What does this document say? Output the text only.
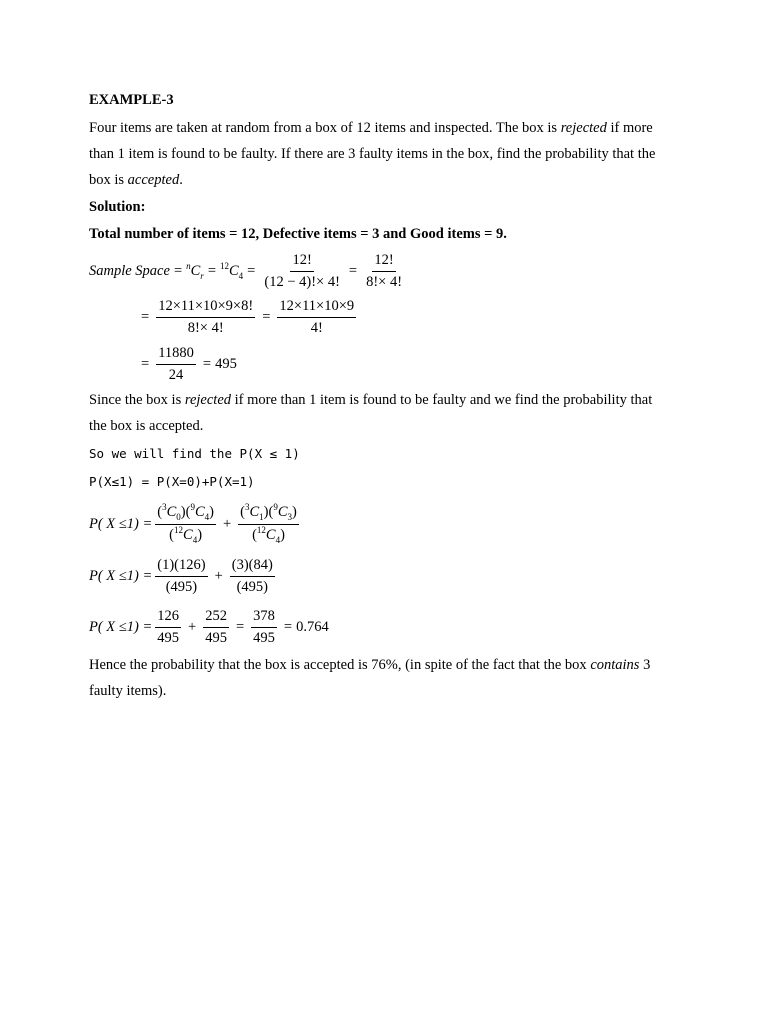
EXAMPLE-3
Four items are taken at random from a box of 12 items and inspected. The box is rejected if more
than 1 item is found to be faulty. If there are 3 faulty items in the box, find the probability that the
box is accepted.
Solution:
Total number of items = 12, Defective items = 3 and Good items = 9.
Sample Space = $^nC_r = ^{12}C_4 = \frac{12!}{(12 - 4)!\times 4!} = \frac{12!}{8!\times 4!}$
= $\frac{12\times 11\times 10\times 9\times 8!}{8!\times 4!} = \frac{12\times 11\times 10\times 9}{4!}$
= $\frac{11880}{24} = 495$
Since the box is rejected if more than 1 item is found to be faulty and we find the probability that
the box is accepted.
So we will find the P(X ≤ 1)
P(X≤1) = P(X=0)+P(X=1)
P( $X \le 1) = \frac{(^3C_0)(^9C_4)}{(^{12}C_4)} + \frac{(^3C_1)(^9C_3)}{(^{12}C_4)}$
P( $X \le 1) = \frac{(1)(126)}{(495)} + \frac{(3)(84)}{(495)}$
P( $X \le 1) = \frac{126}{495} + \frac{252}{495} = \frac{378}{495} = 0.764$
Hence the probability that the box is accepted is 76%, (in spite of the fact that the box contains 3
faulty items).
